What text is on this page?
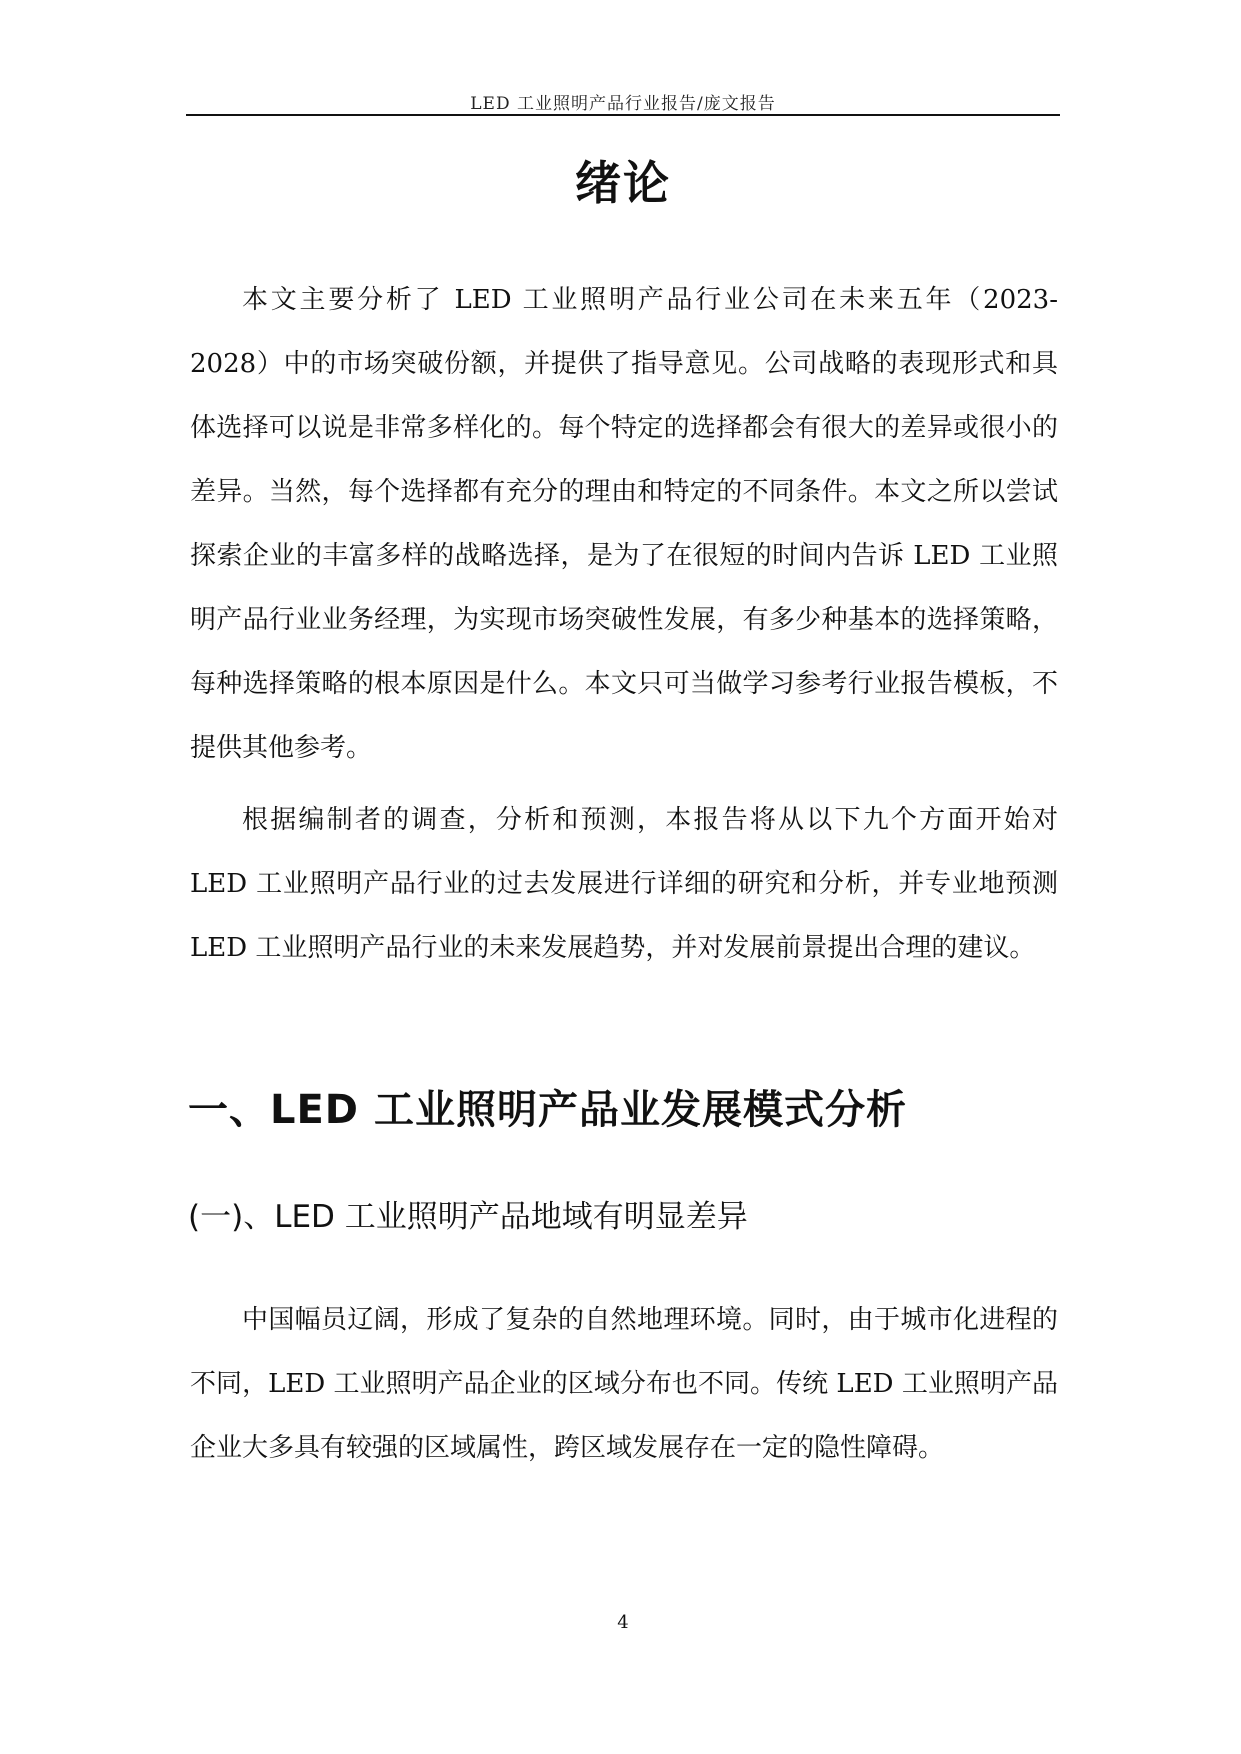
LED 工业照明产品行业报告/庞文报告
绪论

本文主要分析了 LED 工业照明产品行业公司在未来五年（2023-2028）中的市场突破份额，并提供了指导意见。公司战略的表现形式和具体选择可以说是非常多样化的。每个特定的选择都会有很大的差异或很小的差异。当然，每个选择都有充分的理由和特定的不同条件。本文之所以尝试探索企业的丰富多样的战略选择，是为了在很短的时间内告诉 LED 工业照明产品行业业务经理，为实现市场突破性发展，有多少种基本的选择策略，每种选择策略的根本原因是什么。本文只可当做学习参考行业报告模板，不提供其他参考。

根据编制者的调查，分析和预测，本报告将从以下九个方面开始对 LED 工业照明产品行业的过去发展进行详细的研究和分析，并专业地预测 LED 工业照明产品行业的未来发展趋势，并对发展前景提出合理的建议。

一、LED 工业照明产品业发展模式分析
(一)、LED 工业照明产品地域有明显差异

中国幅员辽阔，形成了复杂的自然地理环境。同时，由于城市化进程的不同，LED 工业照明产品企业的区域分布也不同。传统 LED 工业照明产品企业大多具有较强的区域属性，跨区域发展存在一定的隐性障碍。

4
